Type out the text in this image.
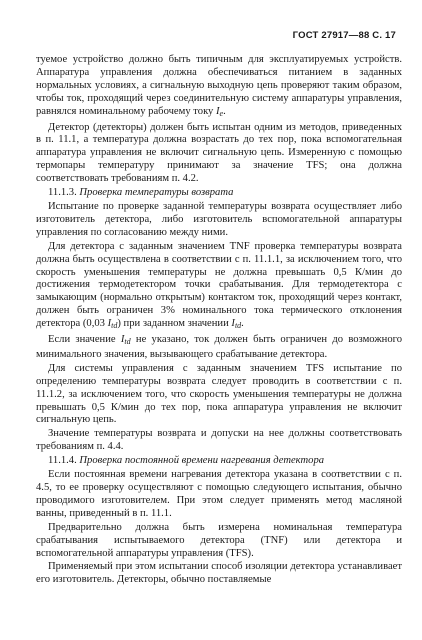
ГОСТ 27917—88 С. 17

туемое устройство должно быть типичным для эксплуатируемых устройств. Аппаратура управления должна обеспечиваться питанием в заданных нормальных условиях, а сигнальную выходную цепь проверяют таким образом, чтобы ток, проходящий через соединительную систему аппаратуры управления, равнялся номинальному рабочему току $I_e$.

Детектор (детекторы) должен быть испытан одним из методов, приведенных в п. 11.1, а температура должна возрастать до тех пор, пока вспомогательная аппаратура управления не включит сигнальную цепь. Измеренную с помощью термопары температуру принимают за значение TFS; она должна соответствовать требованиям п. 4.2.

11.1.3. Проверка температуры возврата

Испытание по проверке заданной температуры возврата осуществляет либо изготовитель детектора, либо изготовитель вспомогательной аппаратуры управления по согласованию между ними.

Для детектора с заданным значением TNF проверка температуры возврата должна быть осуществлена в соответствии с п. 11.1.1, за исключением того, что скорость уменьшения температуры не должна превышать 0,5 К/мин до достижения термодетектором точки срабатывания. Для термодетектора с замыкающим (нормально открытым) контактом ток, проходящий через контакт, должен быть ограничен 3% номинального тока термического отклонения детектора (0,03 $I_{td}$) при заданном значении $I_{td}$.

Если значение $I_{td}$ не указано, ток должен быть ограничен до возможного минимального значения, вызывающего срабатывание детектора.

Для системы управления с заданным значением TFS испытание по определению температуры возврата следует проводить в соответствии с п. 11.1.2, за исключением того, что скорость уменьшения температуры не должна превышать 0,5 К/мин до тех пор, пока аппаратура управления не включит сигнальную цепь.

Значение температуры возврата и допуски на нее должны соответствовать требованиям п. 4.4.

11.1.4. Проверка постоянной времени нагревания детектора

Если постоянная времени нагревания детектора указана в соответствии с п. 4.5, то ее проверку осуществляют с помощью следующего испытания, обычно проводимого изготовителем. При этом следует применять метод масляной ванны, приведенный в п. 11.1.

Предварительно должна быть измерена номинальная температура срабатывания испытываемого детектора (TNF) или детектора и вспомогательной аппаратуры управления (TFS).

Применяемый при этом испытании способ изоляции детектора устанавливает его изготовитель. Детекторы, обычно поставляемые
